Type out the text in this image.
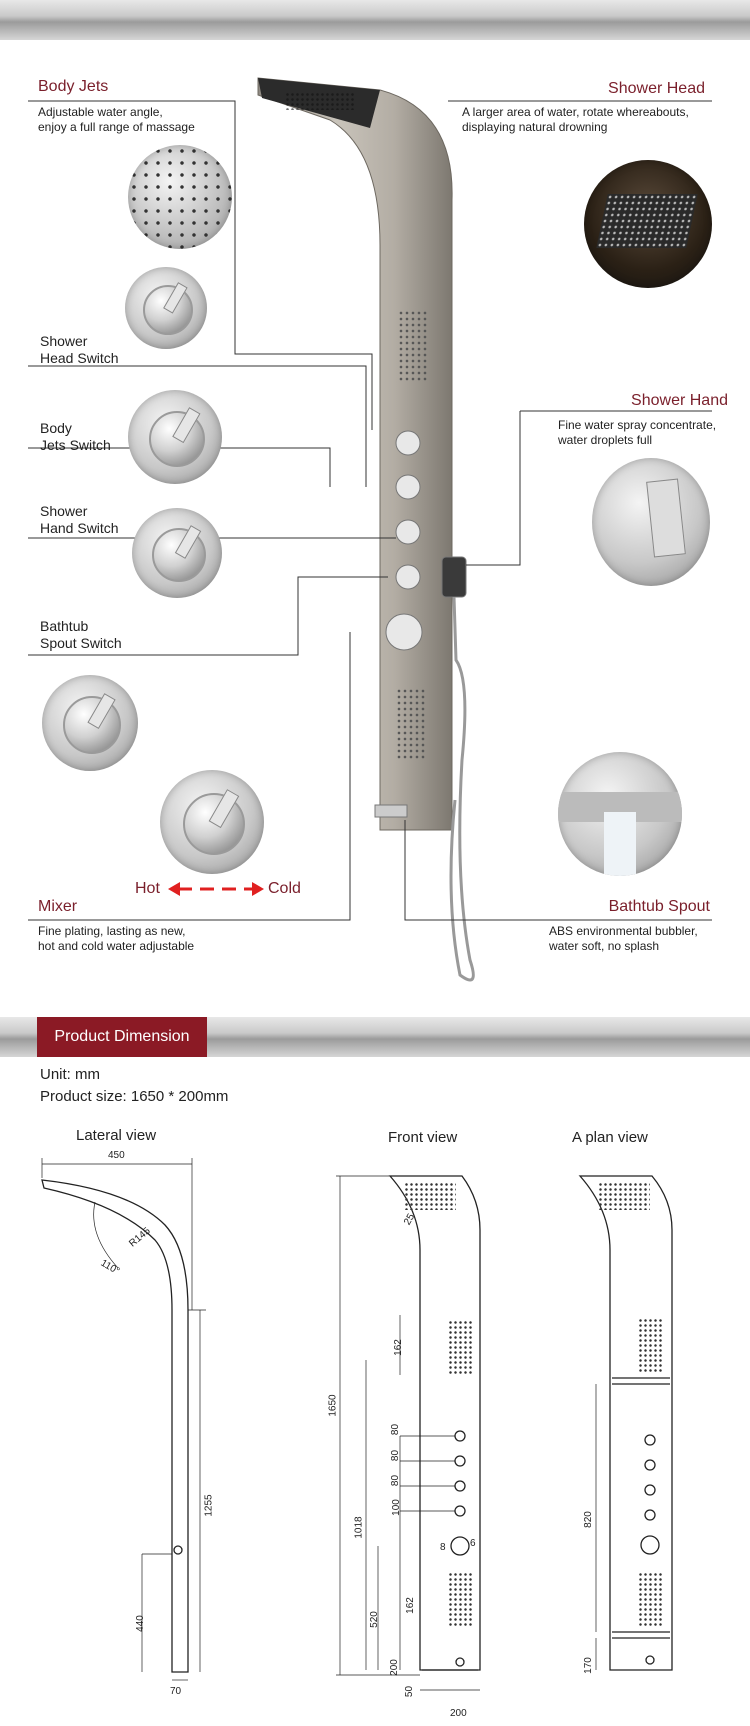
Body Jets
Adjustable water angle,
enjoy a full range of massage
Shower Head
A larger area of water, rotate whereabouts,
displaying natural drowning
Shower
Head Switch
Body
Jets Switch
Shower
Hand Switch
Bathtub
Spout Switch
Shower Hand
Fine water spray concentrate,
water droplets full
Hot	Cold
Mixer
Fine plating, lasting as new,
hot and cold water adjustable
Bathtub Spout
ABS environmental bubbler,
water soft, no splash
Product Dimension
Unit: mm
Product size: 1650 * 200mm
Lateral view	Front view	A plan view
450
R145
110°
1255
440
70
25
162
80
80
80
100
1650
1018
8 6
520
162
200
50
200
820
170
